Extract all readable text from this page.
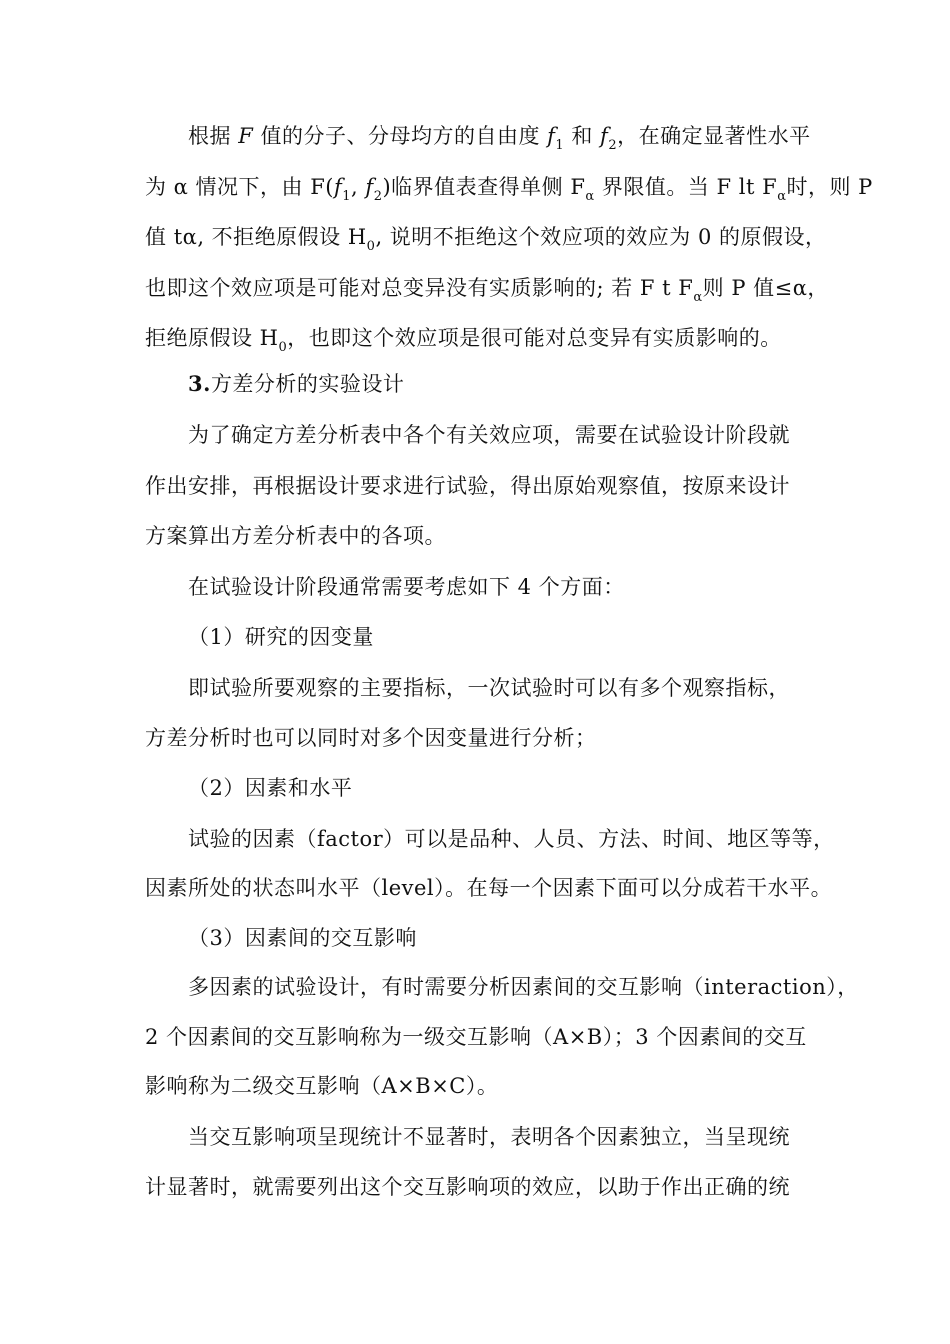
根据 F 值的分子、分母均方的自由度 $f_1$ 和 $f_2$，在确定显著性水平
为 α 情况下，由 $F(f_1$, $f_2$)临界值表查得单侧 $F_\alpha$ 界限值。当 F lt $F_\alpha$时，则 P
值 tα, 不拒绝原假设 $H_0$, 说明不拒绝这个效应项的效应为 0 的原假设，
也即这个效应项是可能对总变异没有实质影响的; 若 F t $F_\alpha$则 P 值≤α，
拒绝原假设 $H_0$，也即这个效应项是很可能对总变异有实质影响的。
3.方差分析的实验设计
为了确定方差分析表中各个有关效应项，需要在试验设计阶段就
作出安排，再根据设计要求进行试验，得出原始观察值，按原来设计
方案算出方差分析表中的各项。
在试验设计阶段通常需要考虑如下 4 个方面：
（1）研究的因变量
即试验所要观察的主要指标，一次试验时可以有多个观察指标，
方差分析时也可以同时对多个因变量进行分析；
（2）因素和水平
试验的因素（factor）可以是品种、人员、方法、时间、地区等等，
因素所处的状态叫水平（level）。在每一个因素下面可以分成若干水平。
（3）因素间的交互影响
多因素的试验设计，有时需要分析因素间的交互影响（interaction），
2 个因素间的交互影响称为一级交互影响（A×B）；3 个因素间的交互
影响称为二级交互影响（A×B×C）。
当交互影响项呈现统计不显著时，表明各个因素独立，当呈现统
计显著时，就需要列出这个交互影响项的效应，以助于作出正确的统
